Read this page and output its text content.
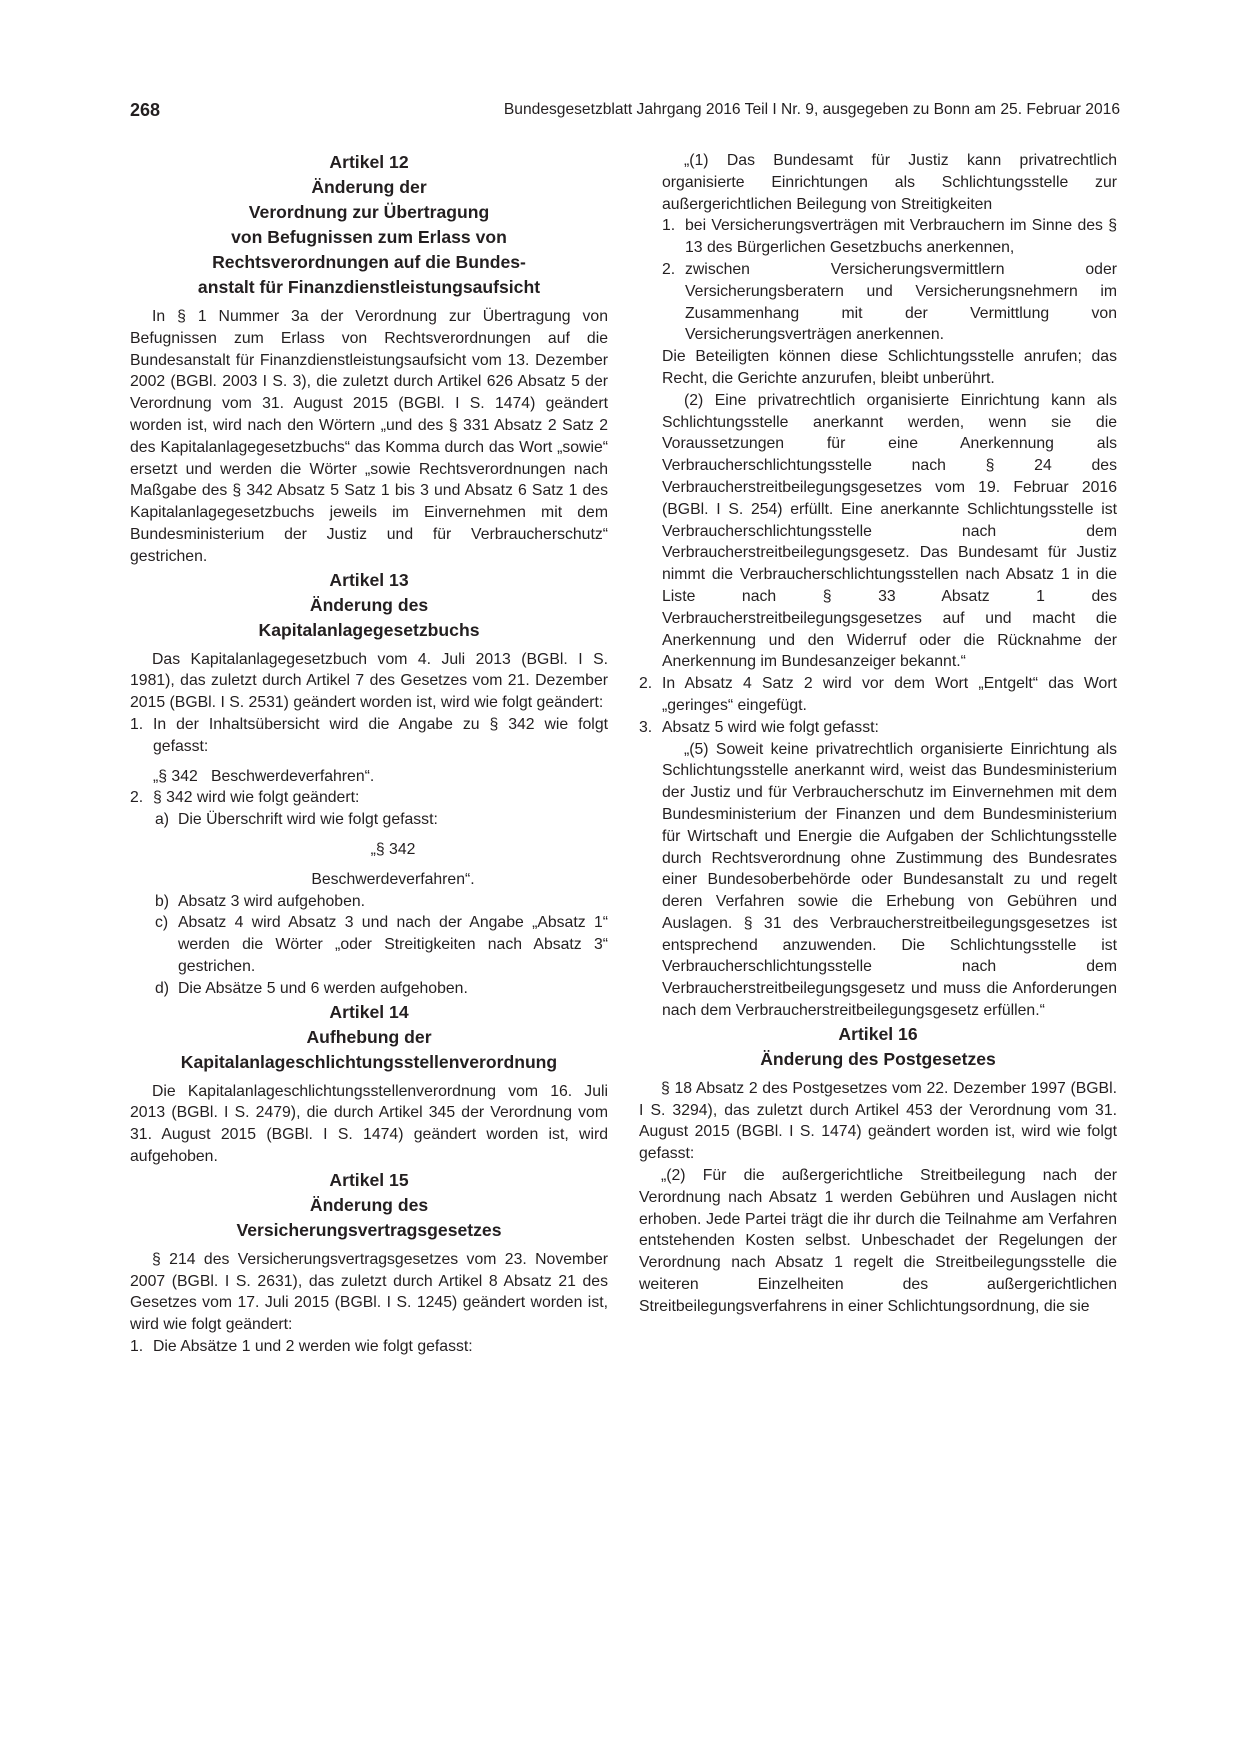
268	Bundesgesetzblatt Jahrgang 2016 Teil I Nr. 9, ausgegeben zu Bonn am 25. Februar 2016
Artikel 12
Änderung der
Verordnung zur Übertragung
von Befugnissen zum Erlass von
Rechtsverordnungen auf die Bundes-
anstalt für Finanzdienstleistungsaufsicht

In § 1 Nummer 3a der Verordnung zur Übertragung von Befugnissen zum Erlass von Rechtsverordnungen auf die Bundesanstalt für Finanzdienstleistungsaufsicht vom 13. Dezember 2002 (BGBl. 2003 I S. 3), die zuletzt durch Artikel 626 Absatz 5 der Verordnung vom 31. August 2015 (BGBl. I S. 1474) geändert worden ist, wird nach den Wörtern „und des § 331 Absatz 2 Satz 2 des Kapitalanlagegesetzbuchs“ das Komma durch das Wort „sowie“ ersetzt und werden die Wörter „sowie Rechtsverordnungen nach Maßgabe des § 342 Absatz 5 Satz 1 bis 3 und Absatz 6 Satz 1 des Kapitalanlagegesetzbuchs jeweils im Einvernehmen mit dem Bundesministerium der Justiz und für Verbraucherschutz“ gestrichen.

Artikel 13
Änderung des
Kapitalanlagegesetzbuchs

Das Kapitalanlagegesetzbuch vom 4. Juli 2013 (BGBl. I S. 1981), das zuletzt durch Artikel 7 des Gesetzes vom 21. Dezember 2015 (BGBl. I S. 2531) geändert worden ist, wird wie folgt geändert:

1. In der Inhaltsübersicht wird die Angabe zu § 342 wie folgt gefasst:
„§ 342   Beschwerdeverfahren“.
2. § 342 wird wie folgt geändert:
a) Die Überschrift wird wie folgt gefasst:
„§ 342
Beschwerdeverfahren“.
b) Absatz 3 wird aufgehoben.
c) Absatz 4 wird Absatz 3 und nach der Angabe „Absatz 1“ werden die Wörter „oder Streitigkeiten nach Absatz 3“ gestrichen.
d) Die Absätze 5 und 6 werden aufgehoben.
Artikel 14
Aufhebung der
Kapitalanlageschlichtungsstellenverordnung

Die Kapitalanlageschlichtungsstellenverordnung vom 16. Juli 2013 (BGBl. I S. 2479), die durch Artikel 345 der Verordnung vom 31. August 2015 (BGBl. I S. 1474) geändert worden ist, wird aufgehoben.

Artikel 15
Änderung des
Versicherungsvertragsgesetzes

§ 214 des Versicherungsvertragsgesetzes vom 23. November 2007 (BGBl. I S. 2631), das zuletzt durch Artikel 8 Absatz 21 des Gesetzes vom 17. Juli 2015 (BGBl. I S. 1245) geändert worden ist, wird wie folgt geändert:

1. Die Absätze 1 und 2 werden wie folgt gefasst:

„(1) Das Bundesamt für Justiz kann privatrechtlich organisierte Einrichtungen als Schlichtungsstelle zur außergerichtlichen Beilegung von Streitigkeiten

1. bei Versicherungsverträgen mit Verbrauchern im Sinne des § 13 des Bürgerlichen Gesetzbuchs anerkennen,
2. zwischen Versicherungsvermittlern oder Versicherungsberatern und Versicherungsnehmern im Zusammenhang mit der Vermittlung von Versicherungsverträgen anerkennen.

Die Beteiligten können diese Schlichtungsstelle anrufen; das Recht, die Gerichte anzurufen, bleibt unberührt.

(2) Eine privatrechtlich organisierte Einrichtung kann als Schlichtungsstelle anerkannt werden, wenn sie die Voraussetzungen für eine Anerkennung als Verbraucherschlichtungsstelle nach § 24 des Verbraucherstreitbeilegungsgesetzes vom 19. Februar 2016 (BGBl. I S. 254) erfüllt. Eine anerkannte Schlichtungsstelle ist Verbraucherschlichtungsstelle nach dem Verbraucherstreitbeilegungsgesetz. Das Bundesamt für Justiz nimmt die Verbraucherschlichtungsstellen nach Absatz 1 in die Liste nach § 33 Absatz 1 des Verbraucherstreitbeilegungsgesetzes auf und macht die Anerkennung und den Widerruf oder die Rücknahme der Anerkennung im Bundesanzeiger bekannt.“

2. In Absatz 4 Satz 2 wird vor dem Wort „Entgelt“ das Wort „geringes“ eingefügt.
3. Absatz 5 wird wie folgt gefasst:

„(5) Soweit keine privatrechtlich organisierte Einrichtung als Schlichtungsstelle anerkannt wird, weist das Bundesministerium der Justiz und für Verbraucherschutz im Einvernehmen mit dem Bundesministerium der Finanzen und dem Bundesministerium für Wirtschaft und Energie die Aufgaben der Schlichtungsstelle durch Rechtsverordnung ohne Zustimmung des Bundesrates einer Bundesoberbehörde oder Bundesanstalt zu und regelt deren Verfahren sowie die Erhebung von Gebühren und Auslagen. § 31 des Verbraucherstreitbeilegungsgesetzes ist entsprechend anzuwenden. Die Schlichtungsstelle ist Verbraucherschlichtungsstelle nach dem Verbraucherstreitbeilegungsgesetz und muss die Anforderungen nach dem Verbraucherstreitbeilegungsgesetz erfüllen.“

Artikel 16
Änderung des Postgesetzes

§ 18 Absatz 2 des Postgesetzes vom 22. Dezember 1997 (BGBl. I S. 3294), das zuletzt durch Artikel 453 der Verordnung vom 31. August 2015 (BGBl. I S. 1474) geändert worden ist, wird wie folgt gefasst:

„(2) Für die außergerichtliche Streitbeilegung nach der Verordnung nach Absatz 1 werden Gebühren und Auslagen nicht erhoben. Jede Partei trägt die ihr durch die Teilnahme am Verfahren entstehenden Kosten selbst. Unbeschadet der Regelungen der Verordnung nach Absatz 1 regelt die Streitbeilegungsstelle die weiteren Einzelheiten des außergerichtlichen Streitbeilegungsverfahrens in einer Schlichtungsordnung, die sie
